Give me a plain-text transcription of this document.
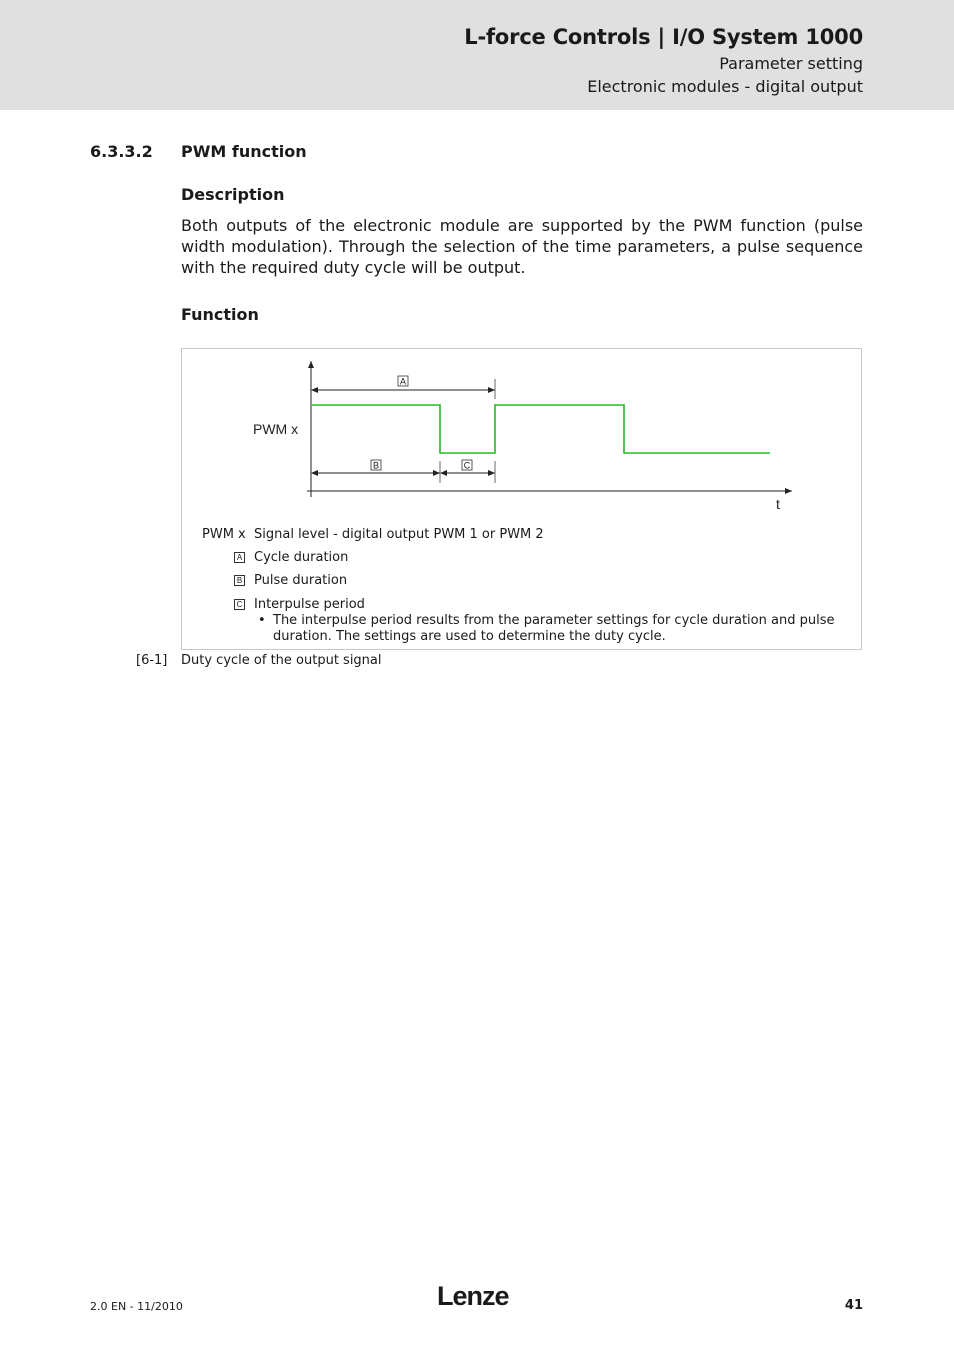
L-force Controls | I/O System 1000
Parameter setting
Electronic modules - digital output
6.3.3.2 PWM function
Description
Both outputs of the electronic module are supported by the PWM function (pulse width modulation). Through the selection of the time parameters, a pulse sequence with the required duty cycle will be output.
Function
A
B	C
PWM x
t
PWM x Signal level - digital output PWM 1 or PWM 2
A Cycle duration
B Pulse duration
C Interpulse period
• The interpulse period results from the parameter settings for cycle duration and pulse duration. The settings are used to determine the duty cycle.
[6-1] Duty cycle of the output signal
2.0 EN - 11/2010	Lenze	41
